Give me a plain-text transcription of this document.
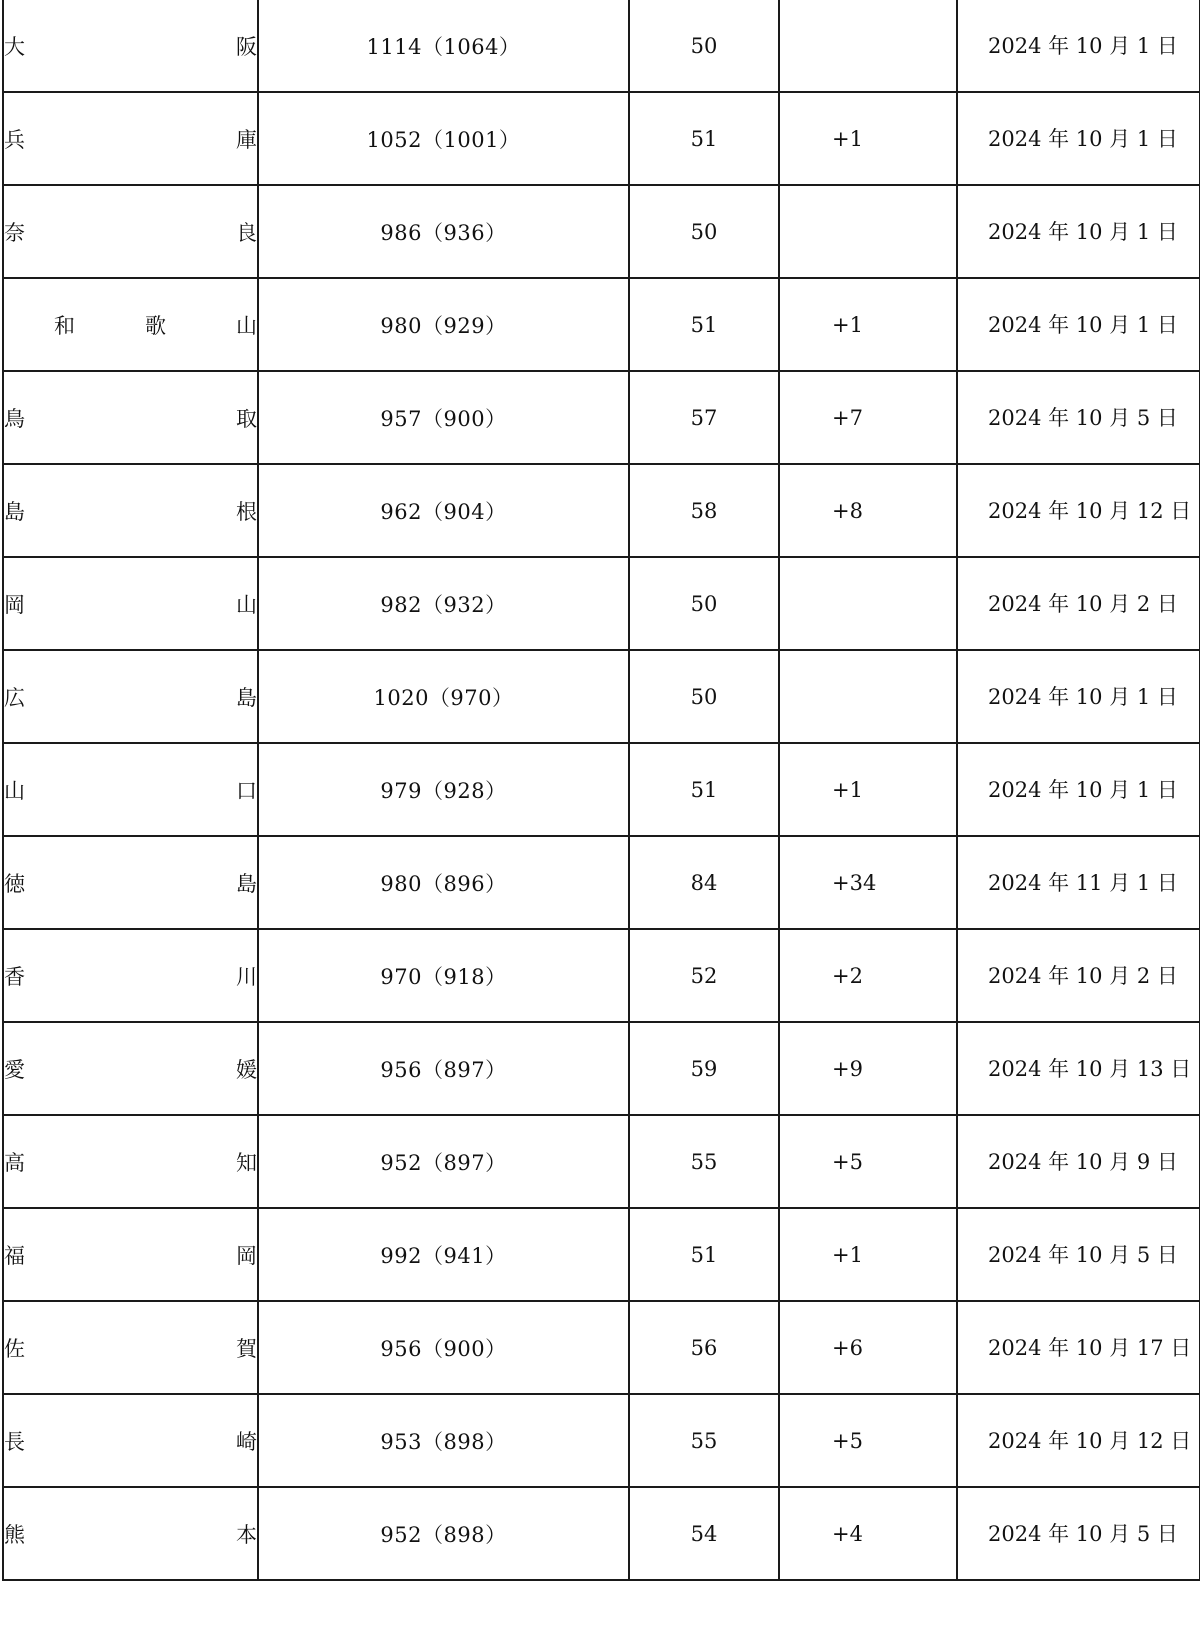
大 阪	1114（1064）	50		2024 年 10 月 1 日

兵 庫	1052（1001）	51	+1	2024 年 10 月 1 日

奈 良	986（936）	50		2024 年 10 月 1 日

和 歌 山	980（929）	51	+1	2024 年 10 月 1 日

鳥 取	957（900）	57	+7	2024 年 10 月 5 日

島 根	962（904）	58	+8	2024 年 10 月 12 日

岡 山	982（932）	50		2024 年 10 月 2 日

広 島	1020（970）	50		2024 年 10 月 1 日

山 口	979（928）	51	+1	2024 年 10 月 1 日

徳 島	980（896）	84	+34	2024 年 11 月 1 日

香 川	970（918）	52	+2	2024 年 10 月 2 日

愛 媛	956（897）	59	+9	2024 年 10 月 13 日

高 知	952（897）	55	+5	2024 年 10 月 9 日

福 岡	992（941）	51	+1	2024 年 10 月 5 日

佐 賀	956（900）	56	+6	2024 年 10 月 17 日

長 崎	953（898）	55	+5	2024 年 10 月 12 日

熊 本	952（898）	54	+4	2024 年 10 月 5 日
